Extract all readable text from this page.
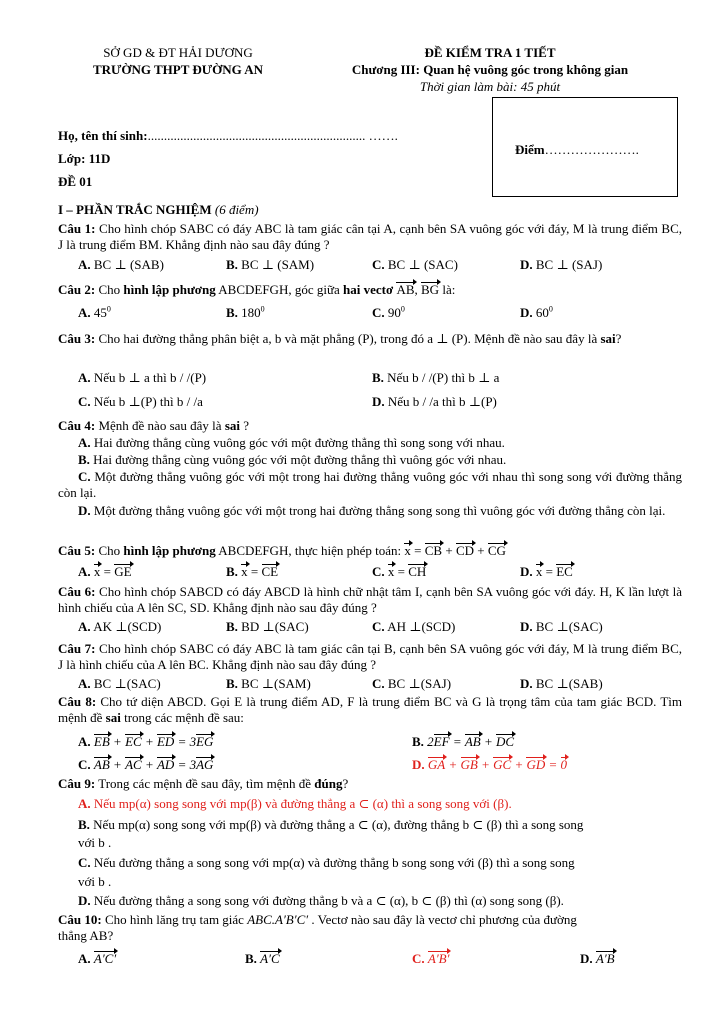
SỞ GD & ĐT HẢI DƯƠNG
TRƯỜNG THPT ĐƯỜNG AN
ĐỀ KIỂM TRA 1 TIẾT
Chương III: Quan hệ vuông góc trong không gian
Thời gian làm bài: 45 phút
Họ, tên thí sinh:................................................................... …….
Lớp: 11D
ĐỀ 01
Điểm………………….
I – PHẦN TRẮC NGHIỆM (6 điểm)
Câu 1: Cho hình chóp SABC có đáy ABC là tam giác cân tại A, cạnh bên SA vuông góc với đáy, M là trung điểm BC, J là trung điểm BM. Khẳng định nào sau đây đúng ?
A. BC ⊥ (SAB)	B. BC ⊥ (SAM)	C. BC ⊥ (SAC)	D. BC ⊥ (SAJ)
Câu 2: Cho hình lập phương ABCDEFGH, góc giữa hai vectơ AB, BG là:
A. $45^0$	B. $180^0$	C. $90^0$	D. $60^0$
Câu 3: Cho hai đường thẳng phân biệt a, b và mặt phẳng (P), trong đó a ⊥ (P). Mệnh đề nào sau đây là sai?
A. Nếu b ⊥ a thì b / /(P)	B. Nếu b / /(P) thì b ⊥ a
C. Nếu b ⊥(P) thì b / /a	D. Nếu b / /a thì b ⊥(P)
Câu 4: Mệnh đề nào sau đây là sai ?
A. Hai đường thẳng cùng vuông góc với một đường thẳng thì song song với nhau.
B. Hai đường thẳng cùng vuông góc với một đường thẳng thì vuông góc với nhau.
C. Một đường thẳng vuông góc với một trong hai đường thẳng vuông góc với nhau thì song song với đường thẳng còn lại.
D. Một đường thẳng vuông góc với một trong hai đường thẳng song song thì vuông góc với đường thẳng còn lại.
Câu 5: Cho hình lập phương ABCDEFGH, thực hiện phép toán: x = CB + CD + CG
A. x = GE	B. x = CE	C. x = CH	D. x = EC
Câu 6: Cho hình chóp SABCD có đáy ABCD là hình chữ nhật tâm I, cạnh bên SA vuông góc với đáy. H, K lần lượt là hình chiếu của A lên SC, SD. Khẳng định nào sau đây đúng ?
A. AK ⊥(SCD)	B. BD ⊥(SAC)	C. AH ⊥(SCD)	D. BC ⊥(SAC)
Câu 7: Cho hình chóp SABC có đáy ABC là tam giác cân tại B, cạnh bên SA vuông góc với đáy, M là trung điểm BC, J là hình chiếu của A lên BC. Khẳng định nào sau đây đúng ?
A. BC ⊥(SAC)	B. BC ⊥(SAM)	C. BC ⊥(SAJ)	D. BC ⊥(SAB)
Câu 8: Cho tứ diện ABCD. Gọi E là trung điểm AD, F là trung điểm BC và G là trọng tâm của tam giác BCD. Tìm mệnh đề sai trong các mệnh đề sau:
A. EB + EC + ED = 3EG	B. 2EF = AB + DC
C. AB + AC + AD = 3AG	D. GA + GB + GC + GD = 0
Câu 9: Trong các mệnh đề sau đây, tìm mệnh đề đúng?
A. Nếu mp(α) song song với mp(β) và đường thẳng a ⊂ (α) thì a song song với (β).
B. Nếu mp(α) song song với mp(β) và đường thẳng a ⊂ (α), đường thẳng b ⊂ (β) thì a song song
với b .
C. Nếu đường thẳng a song song với mp(α) và đường thẳng b song song với (β) thì a song song
với b .
D. Nếu đường thẳng a song song với đường thẳng b và a ⊂ (α), b ⊂ (β) thì (α) song song (β).
Câu 10: Cho hình lăng trụ tam giác ABC.A′B′C′ . Vectơ nào sau đây là vectơ chỉ phương của đường
thẳng AB?
A. A′C′	B. A′C	C. A′B′	D. A′B
